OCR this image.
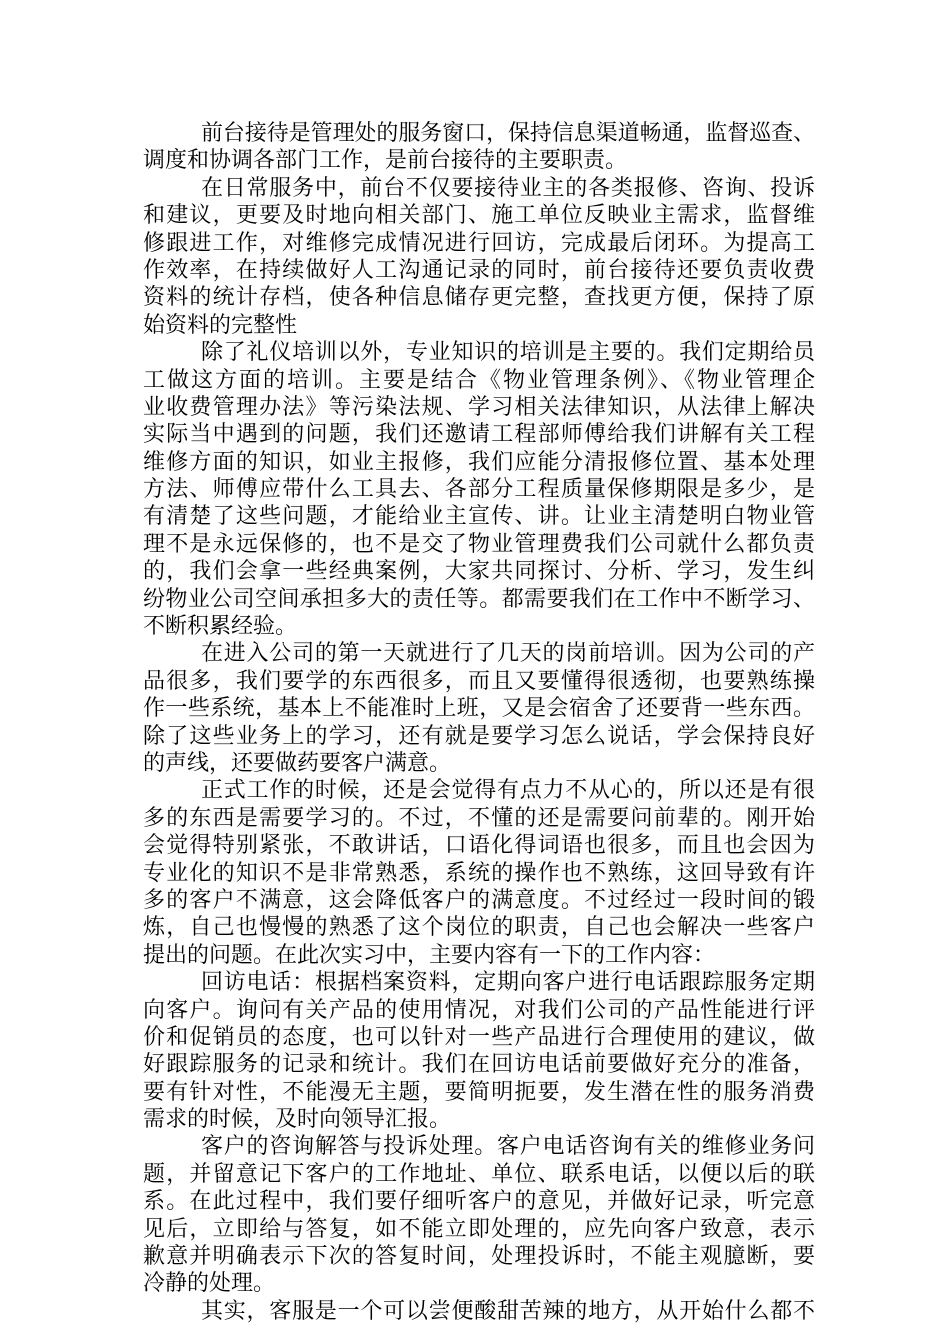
前台接待是管理处的服务窗口，保持信息渠道畅通，监督巡查、
调度和协调各部门工作，是前台接待的主要职责。
在日常服务中，前台不仅要接待业主的各类报修、咨询、投诉
和建议，更要及时地向相关部门、施工单位反映业主需求，监督维
修跟进工作，对维修完成情况进行回访，完成最后闭环。为提高工
作效率，在持续做好人工沟通记录的同时，前台接待还要负责收费
资料的统计存档，使各种信息储存更完整，查找更方便，保持了原
始资料的完整性
除了礼仪培训以外，专业知识的培训是主要的。我们定期给员
工做这方面的培训。主要是结合《物业管理条例》、《物业管理企
业收费管理办法》等污染法规、学习相关法律知识，从法律上解决
实际当中遇到的问题，我们还邀请工程部师傅给我们讲解有关工程
维修方面的知识，如业主报修，我们应能分清报修位置、基本处理
方法、师傅应带什么工具去、各部分工程质量保修期限是多少，是
有清楚了这些问题，才能给业主宣传、讲。让业主清楚明白物业管
理不是永远保修的，也不是交了物业管理费我们公司就什么都负责
的，我们会拿一些经典案例，大家共同探讨、分析、学习，发生纠
纷物业公司空间承担多大的责任等。都需要我们在工作中不断学习、
不断积累经验。
在进入公司的第一天就进行了几天的岗前培训。因为公司的产
品很多，我们要学的东西很多，而且又要懂得很透彻，也要熟练操
作一些系统，基本上不能准时上班，又是会宿舍了还要背一些东西。
除了这些业务上的学习，还有就是要学习怎么说话，学会保持良好
的声线，还要做药要客户满意。
正式工作的时候，还是会觉得有点力不从心的，所以还是有很
多的东西是需要学习的。不过，不懂的还是需要问前辈的。刚开始
会觉得特别紧张，不敢讲话，口语化得词语也很多，而且也会因为
专业化的知识不是非常熟悉，系统的操作也不熟练，这回导致有许
多的客户不满意，这会降低客户的满意度。不过经过一段时间的锻
炼，自己也慢慢的熟悉了这个岗位的职责，自己也会解决一些客户
提出的问题。在此次实习中，主要内容有一下的工作内容：
回访电话：根据档案资料，定期向客户进行电话跟踪服务定期
向客户。询问有关产品的使用情况，对我们公司的产品性能进行评
价和促销员的态度，也可以针对一些产品进行合理使用的建议，做
好跟踪服务的记录和统计。我们在回访电话前要做好充分的准备，
要有针对性，不能漫无主题，要简明扼要，发生潜在性的服务消费
需求的时候，及时向领导汇报。
客户的咨询解答与投诉处理。客户电话咨询有关的维修业务问
题，并留意记下客户的工作地址、单位、联系电话，以便以后的联
系。在此过程中，我们要仔细听客户的意见，并做好记录，听完意
见后，立即给与答复，如不能立即处理的，应先向客户致意，表示
歉意并明确表示下次的答复时间，处理投诉时，不能主观臆断，要
冷静的处理。
其实，客服是一个可以尝便酸甜苦辣的地方，从开始什么都不
